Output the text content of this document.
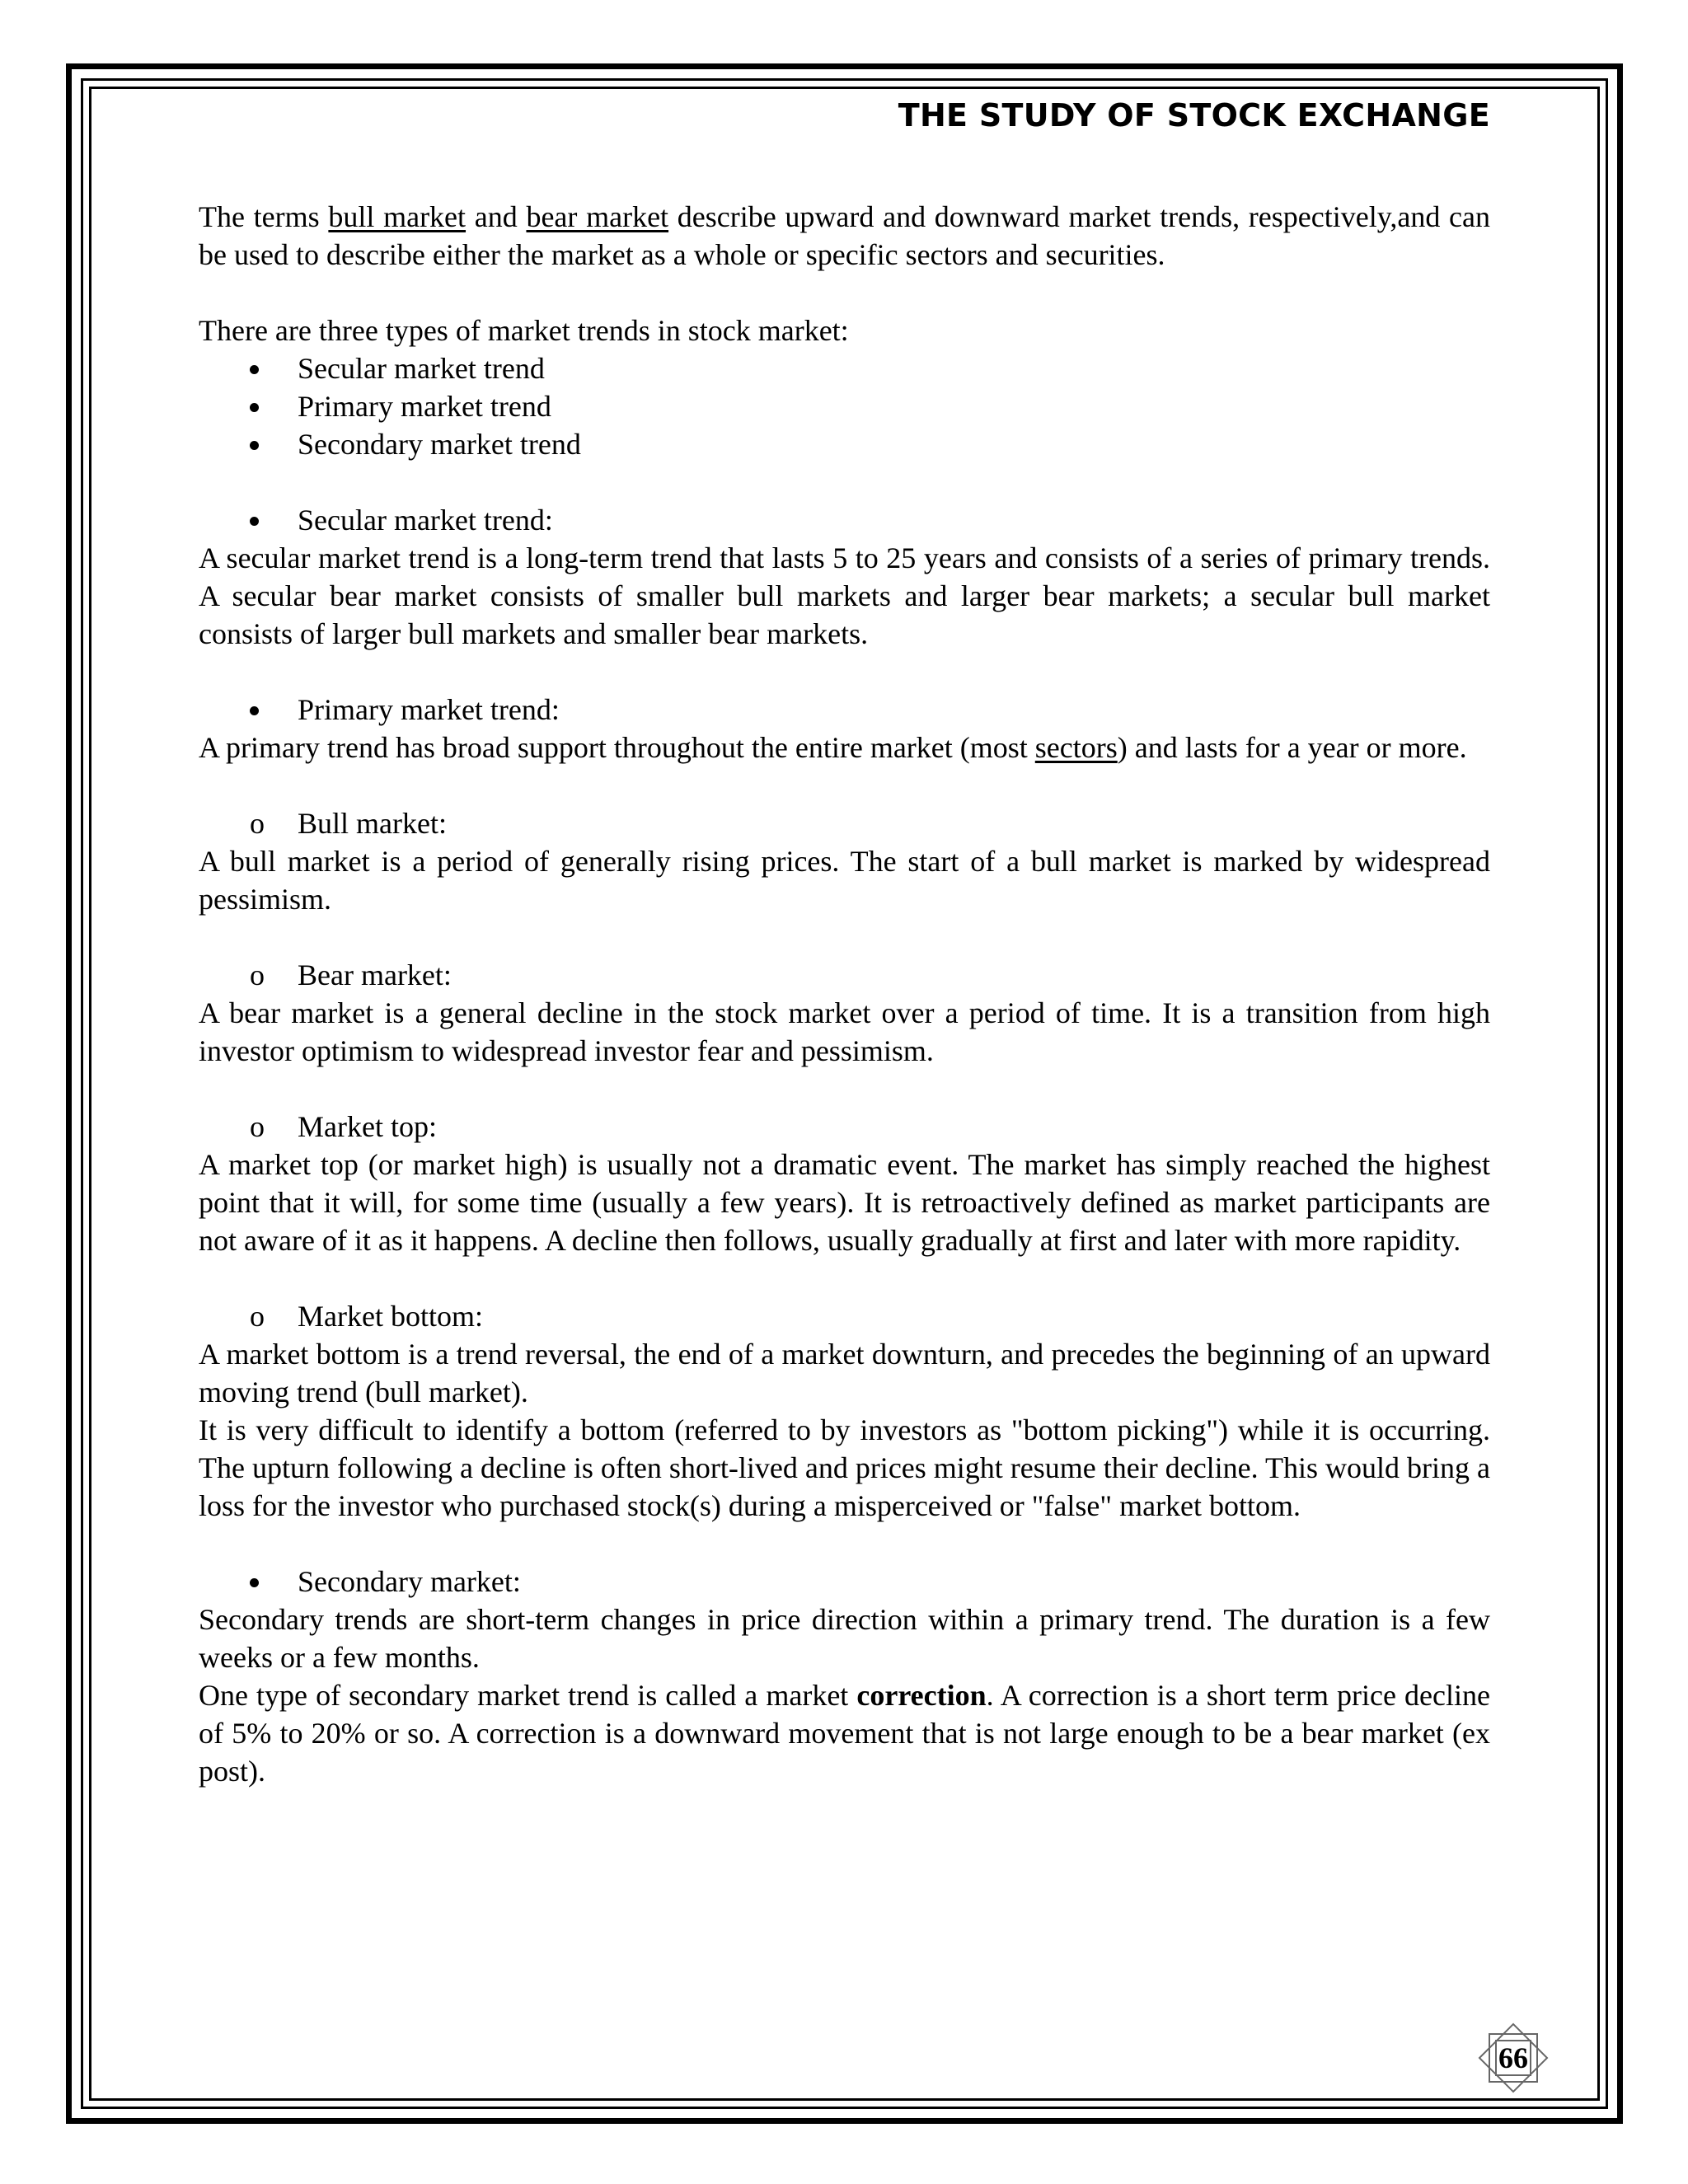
THE STUDY OF STOCK EXCHANGE

The terms bull market and bear market describe upward and downward market trends, respectively,and can be used to describe either the market as a whole or specific sectors and securities.

There are three types of market trends in stock market:

Secular market trend

Primary market trend

Secondary market trend

Secular market trend:

A secular market trend is a long-term trend that lasts 5 to 25 years and consists of a series of primary trends. A secular bear market consists of smaller bull markets and larger bear markets; a secular bull market consists of larger bull markets and smaller bear markets.

Primary market trend:

A primary trend has broad support throughout the entire market (most sectors) and lasts for a year or more.

o	Bull market:

A bull market is a period of generally rising prices. The start of a bull market is marked by widespread pessimism.

o	Bear market:

A bear market is a general decline in the stock market over a period of time. It is a transition from high investor optimism to widespread investor fear and pessimism.

o	Market top:

A market top (or market high) is usually not a dramatic event. The market has simply reached the highest point that it will, for some time (usually a few years). It is retroactively defined as market participants are not aware of it as it happens. A decline then follows, usually gradually at first and later with more rapidity.

o	Market bottom:

A market bottom is a trend reversal, the end of a market downturn, and precedes the beginning of an upward moving trend (bull market).

It is very difficult to identify a bottom (referred to by investors as "bottom picking") while it is occurring. The upturn following a decline is often short-lived and prices might resume their decline. This would bring a loss for the investor who purchased stock(s) during a misperceived or "false" market bottom.

Secondary market:

Secondary trends are short-term changes in price direction within a primary trend. The duration is a few weeks or a few months.

One type of secondary market trend is called a market correction. A correction is a short term price decline of 5% to 20% or so. A correction is a downward movement that is not large enough to be a bear market (ex post).

66
